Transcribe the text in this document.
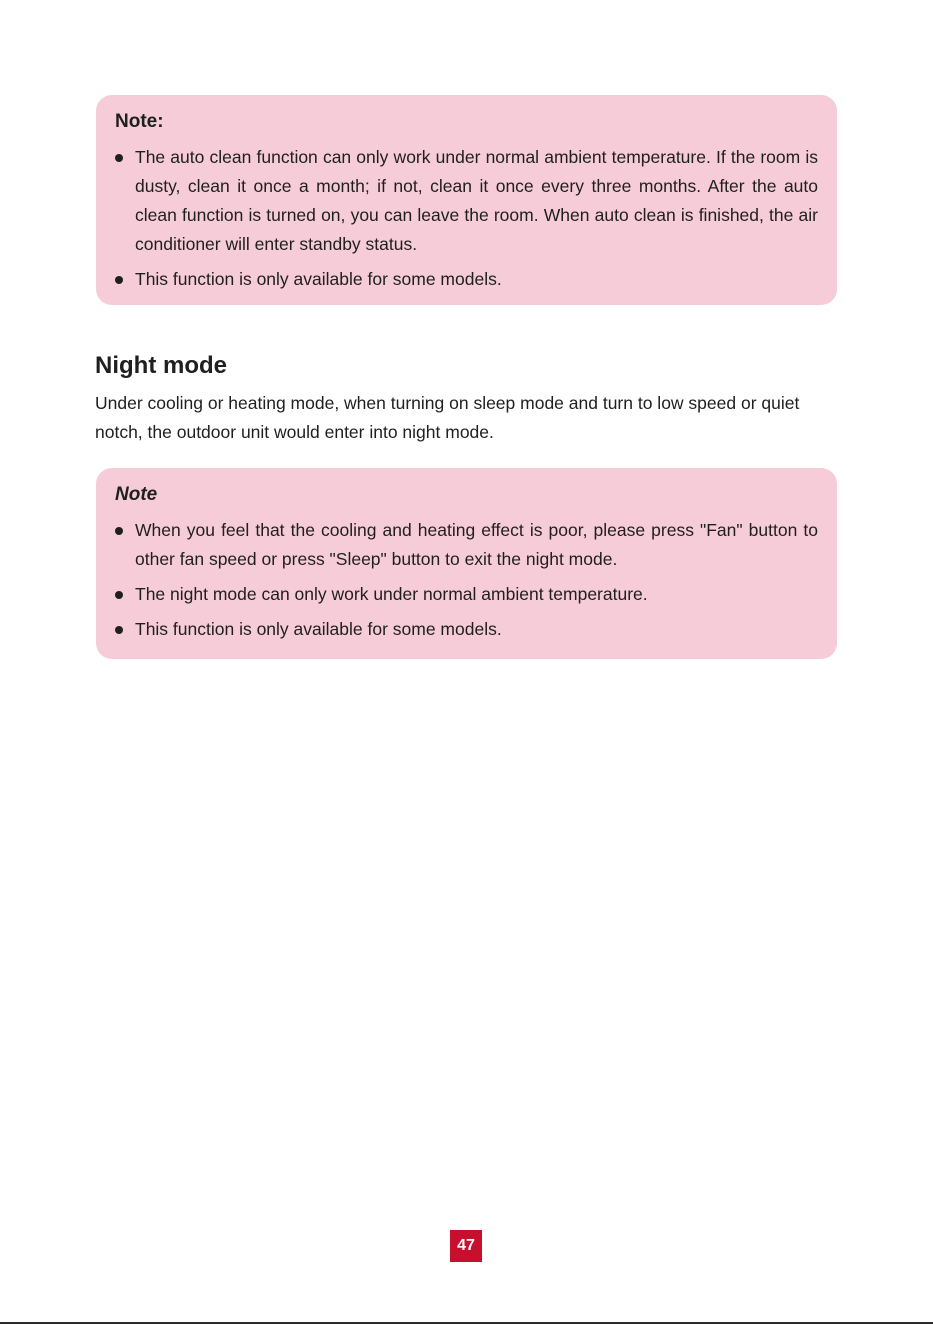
Note:
The auto clean function can only work under normal ambient temperature. If the room is dusty, clean it once a month; if not, clean it once every three months. After the auto clean function is turned on, you can leave the room. When auto clean is finished, the air conditioner will enter standby status.
This function is only available for some models.
Night mode

Under cooling or heating mode, when turning on sleep mode and turn to low speed or quiet notch, the outdoor unit would enter into night mode.

Note
When you feel that the cooling and heating effect is poor, please press "Fan" button to other fan speed or press "Sleep" button to exit the night mode.
The night mode can only work under normal ambient temperature.
This function is only available for some models.
47
